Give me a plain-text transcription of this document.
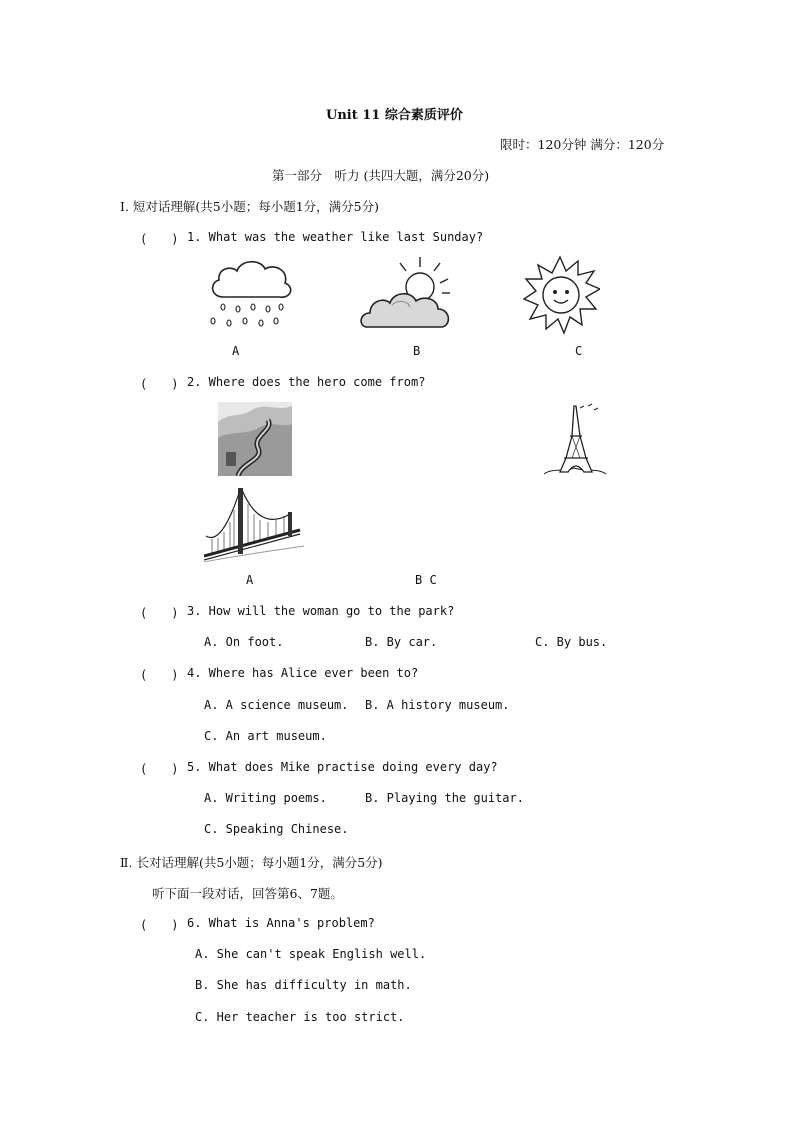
Unit 11 综合素质评价
限时：120分钟 满分：120分
第一部分　听力 (共四大题，满分20分)
Ⅰ. 短对话理解(共5小题；每小题1分，满分5分)
(　　) 1. What was the weather like last Sunday?
A	B	C
(　　) 2. Where does the hero come from?
A	B C
(　　) 3. How will the woman go to the park?
A. On foot.	B. By car.	C. By bus.
(　　) 4. Where has Alice ever been to?
A. A science museum. B. A history museum.
C. An art museum.
(　　) 5. What does Mike practise doing every day?
A. Writing poems.	B. Playing the guitar.
C. Speaking Chinese.
Ⅱ. 长对话理解(共5小题；每小题1分，满分5分)
听下面一段对话，回答第6、7题。
(　　) 6. What is Anna's problem?
A. She can't speak English well.
B. She has difficulty in math.
C. Her teacher is too strict.
